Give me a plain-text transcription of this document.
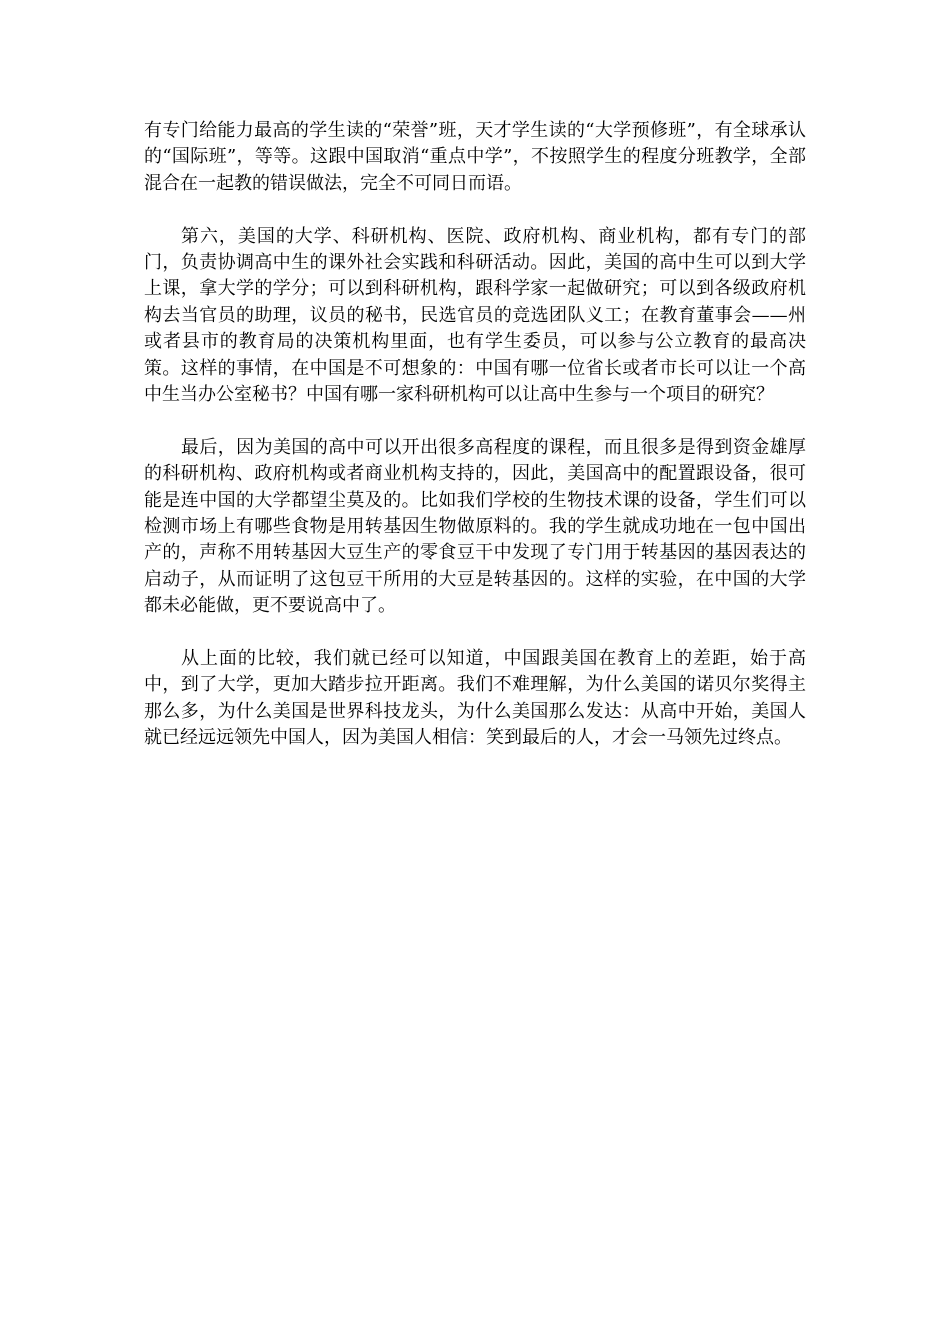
有专门给能力最高的学生读的“荣誉”班，天才学生读的“大学预修班”，有全球承认的“国际班”，等等。这跟中国取消“重点中学”，不按照学生的程度分班教学，全部混合在一起教的错误做法，完全不可同日而语。

第六，美国的大学、科研机构、医院、政府机构、商业机构，都有专门的部门，负责协调高中生的课外社会实践和科研活动。因此，美国的高中生可以到大学上课，拿大学的学分；可以到科研机构，跟科学家一起做研究；可以到各级政府机构去当官员的助理，议员的秘书，民选官员的竞选团队义工；在教育董事会——州或者县市的教育局的决策机构里面，也有学生委员，可以参与公立教育的最高决策。这样的事情，在中国是不可想象的：中国有哪一位省长或者市长可以让一个高中生当办公室秘书？中国有哪一家科研机构可以让高中生参与一个项目的研究？

最后，因为美国的高中可以开出很多高程度的课程，而且很多是得到资金雄厚的科研机构、政府机构或者商业机构支持的，因此，美国高中的配置跟设备，很可能是连中国的大学都望尘莫及的。比如我们学校的生物技术课的设备，学生们可以检测市场上有哪些食物是用转基因生物做原料的。我的学生就成功地在一包中国出产的，声称不用转基因大豆生产的零食豆干中发现了专门用于转基因的基因表达的启动子，从而证明了这包豆干所用的大豆是转基因的。这样的实验，在中国的大学都未必能做，更不要说高中了。

从上面的比较，我们就已经可以知道，中国跟美国在教育上的差距，始于高中，到了大学，更加大踏步拉开距离。我们不难理解，为什么美国的诺贝尔奖得主那么多，为什么美国是世界科技龙头，为什么美国那么发达：从高中开始，美国人就已经远远领先中国人，因为美国人相信：笑到最后的人，才会一马领先过终点。
